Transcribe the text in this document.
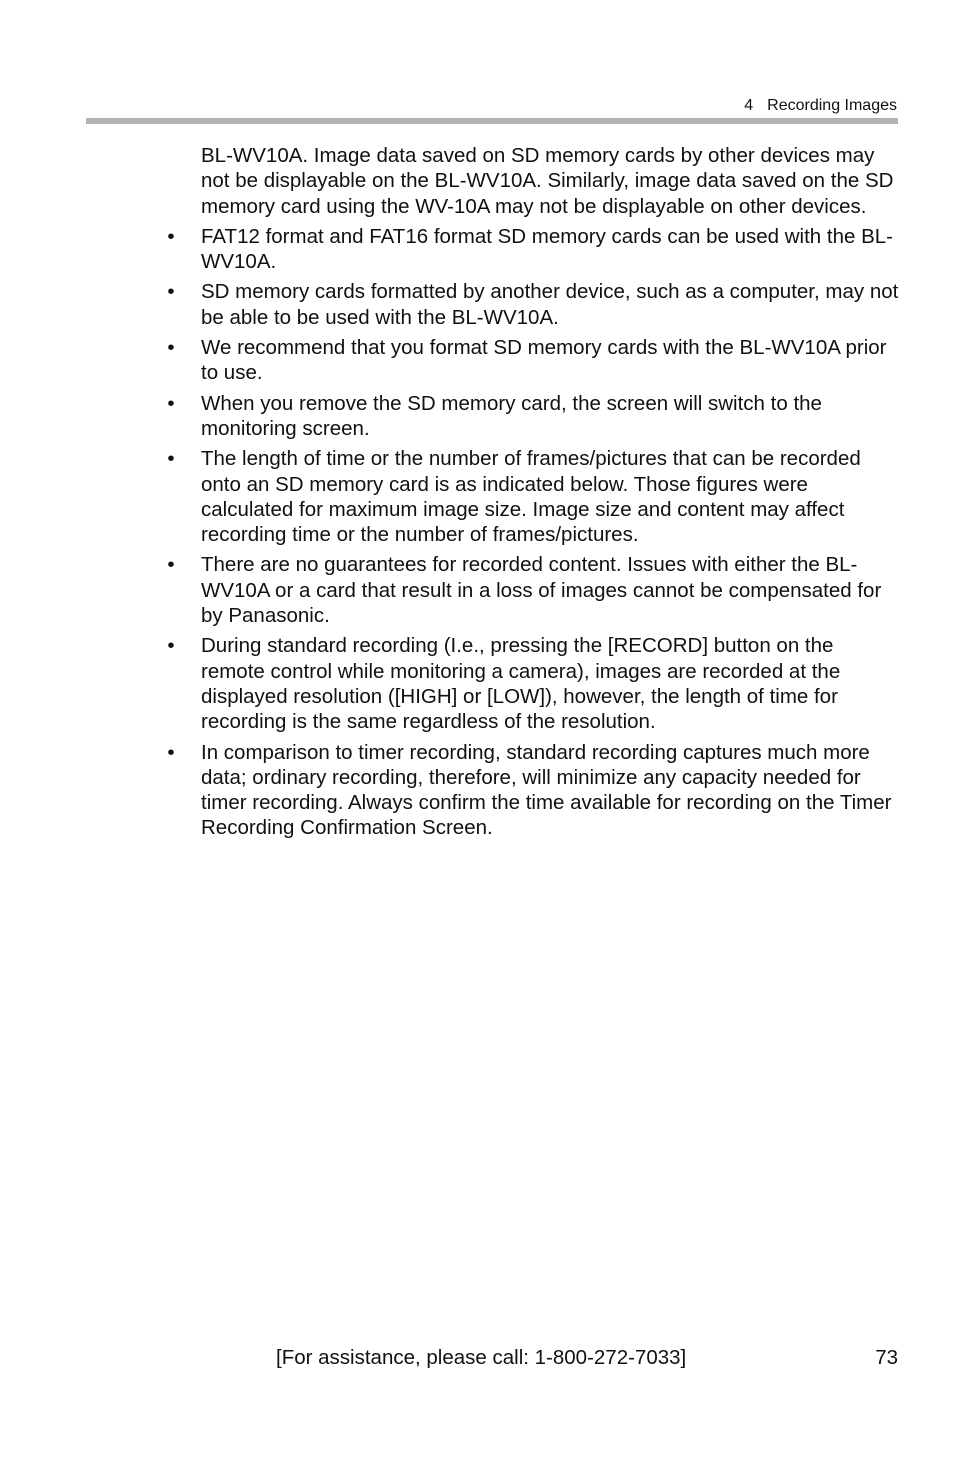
4 Recording Images

BL-WV10A. Image data saved on SD memory cards by other devices may not be displayable on the BL-WV10A. Similarly, image data saved on the SD memory card using the WV-10A may not be displayable on other devices.

• FAT12 format and FAT16 format SD memory cards can be used with the BL-WV10A.
• SD memory cards formatted by another device, such as a computer, may not be able to be used with the BL-WV10A.
• We recommend that you format SD memory cards with the BL-WV10A prior to use.
• When you remove the SD memory card, the screen will switch to the monitoring screen.
• The length of time or the number of frames/pictures that can be recorded onto an SD memory card is as indicated below. Those figures were calculated for maximum image size. Image size and content may affect recording time or the number of frames/pictures.
• There are no guarantees for recorded content. Issues with either the BL-WV10A or a card that result in a loss of images cannot be compensated for by Panasonic.
• During standard recording (I.e., pressing the [RECORD] button on the remote control while monitoring a camera), images are recorded at the displayed resolution ([HIGH] or [LOW]), however, the length of time for recording is the same regardless of the resolution.
• In comparison to timer recording, standard recording captures much more data; ordinary recording, therefore, will minimize any capacity needed for timer recording. Always confirm the time available for recording on the Timer Recording Confirmation Screen.
[For assistance, please call: 1-800-272-7033]	73
